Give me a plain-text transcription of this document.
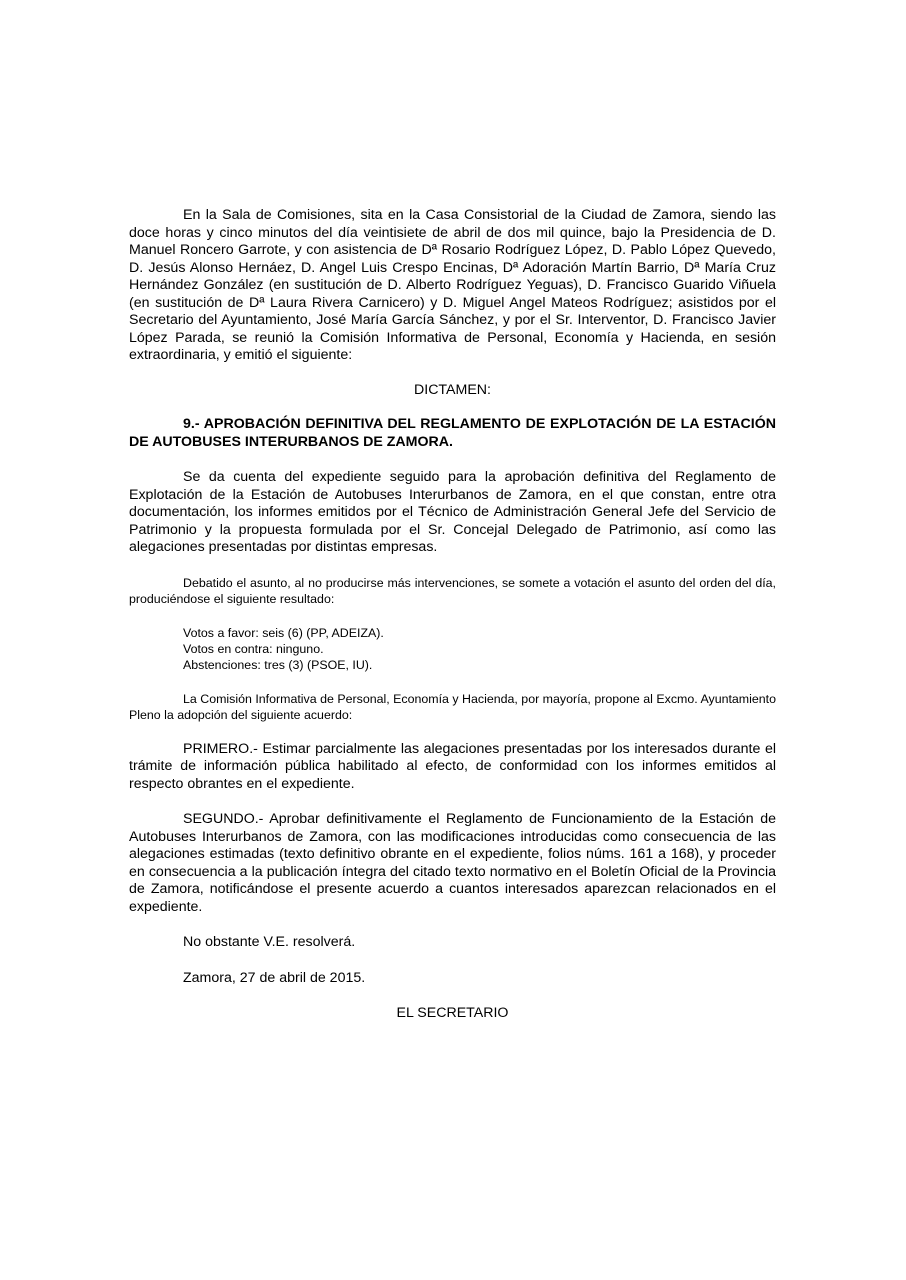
En la Sala de Comisiones, sita en la Casa Consistorial de la Ciudad de Zamora, siendo las doce horas y cinco minutos del día veintisiete de abril de dos mil quince, bajo la Presidencia de D. Manuel Roncero Garrote, y con asistencia de Dª Rosario Rodríguez López, D. Pablo López Quevedo, D. Jesús Alonso Hernáez, D. Angel Luis Crespo Encinas, Dª Adoración Martín Barrio, Dª María Cruz Hernández González (en sustitución de D. Alberto Rodríguez Yeguas), D. Francisco Guarido Viñuela (en sustitución de Dª Laura Rivera Carnicero) y D. Miguel Angel Mateos Rodríguez; asistidos por el Secretario del Ayuntamiento, José María García Sánchez, y por el Sr. Interventor, D. Francisco Javier López Parada, se reunió la Comisión Informativa de Personal, Economía y Hacienda, en sesión extraordinaria, y emitió el siguiente:

DICTAMEN:

9.- APROBACIÓN DEFINITIVA DEL REGLAMENTO DE EXPLOTACIÓN DE LA ESTACIÓN DE AUTOBUSES INTERURBANOS DE ZAMORA.

Se da cuenta del expediente seguido para la aprobación definitiva del Reglamento de Explotación de la Estación de Autobuses Interurbanos de Zamora, en el que constan, entre otra documentación, los informes emitidos por el Técnico de Administración General Jefe del Servicio de Patrimonio y la propuesta formulada por el Sr. Concejal Delegado de Patrimonio, así como las alegaciones presentadas por distintas empresas.

Debatido el asunto, al no producirse más intervenciones, se somete a votación el asunto del orden del día, produciéndose el siguiente resultado:

Votos a favor: seis (6) (PP, ADEIZA).
Votos en contra: ninguno.
Abstenciones: tres (3) (PSOE, IU).

La Comisión Informativa de Personal, Economía y Hacienda, por mayoría, propone al Excmo. Ayuntamiento Pleno la adopción del siguiente acuerdo:

PRIMERO.- Estimar parcialmente las alegaciones presentadas por los interesados durante el trámite de información pública habilitado al efecto, de conformidad con los informes emitidos al respecto obrantes en el expediente.

SEGUNDO.- Aprobar definitivamente el Reglamento de Funcionamiento de la Estación de Autobuses Interurbanos de Zamora, con las modificaciones introducidas como consecuencia de las alegaciones estimadas (texto definitivo obrante en el expediente, folios núms. 161 a 168), y proceder en consecuencia a la publicación íntegra del citado texto normativo en el Boletín Oficial de la Provincia de Zamora, notificándose el presente acuerdo a cuantos interesados aparezcan relacionados en el expediente.

No obstante V.E. resolverá.

Zamora, 27 de abril de 2015.

EL SECRETARIO
